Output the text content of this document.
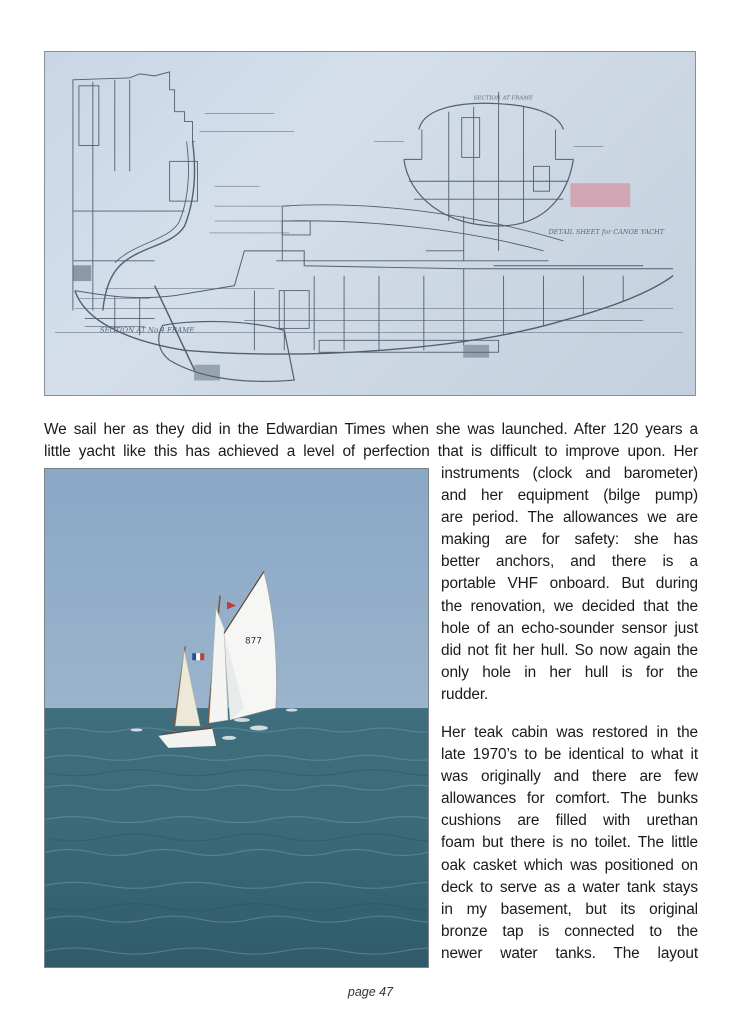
SECTION AT No 4 FRAME
SECTION AT FRAME
DETAIL SHEET for CANOE YACHT

We sail her as they did in the Edwardian Times when she was launched. After 120 years a
little yacht like this has achieved a level of perfection that is difficult to improve upon. Her

877

instruments (clock and barometer)
and her equipment (bilge pump)
are period. The allowances we are
making are for safety: she has
better anchors, and there is a
portable VHF onboard. But during
the renovation, we decided that the
hole of an echo-sounder sensor just
did not fit her hull. So now again the
only hole in her hull is for the
rudder.

Her teak cabin was restored in the
late 1970’s to be identical to what it
was originally and there are few
allowances for comfort. The bunks
cushions are filled with urethan
foam but there is no toilet. The little
oak casket which was positioned on
deck to serve as a water tank stays
in my basement, but its original
bronze tap is connected to the
newer water tanks. The layout

page 47
